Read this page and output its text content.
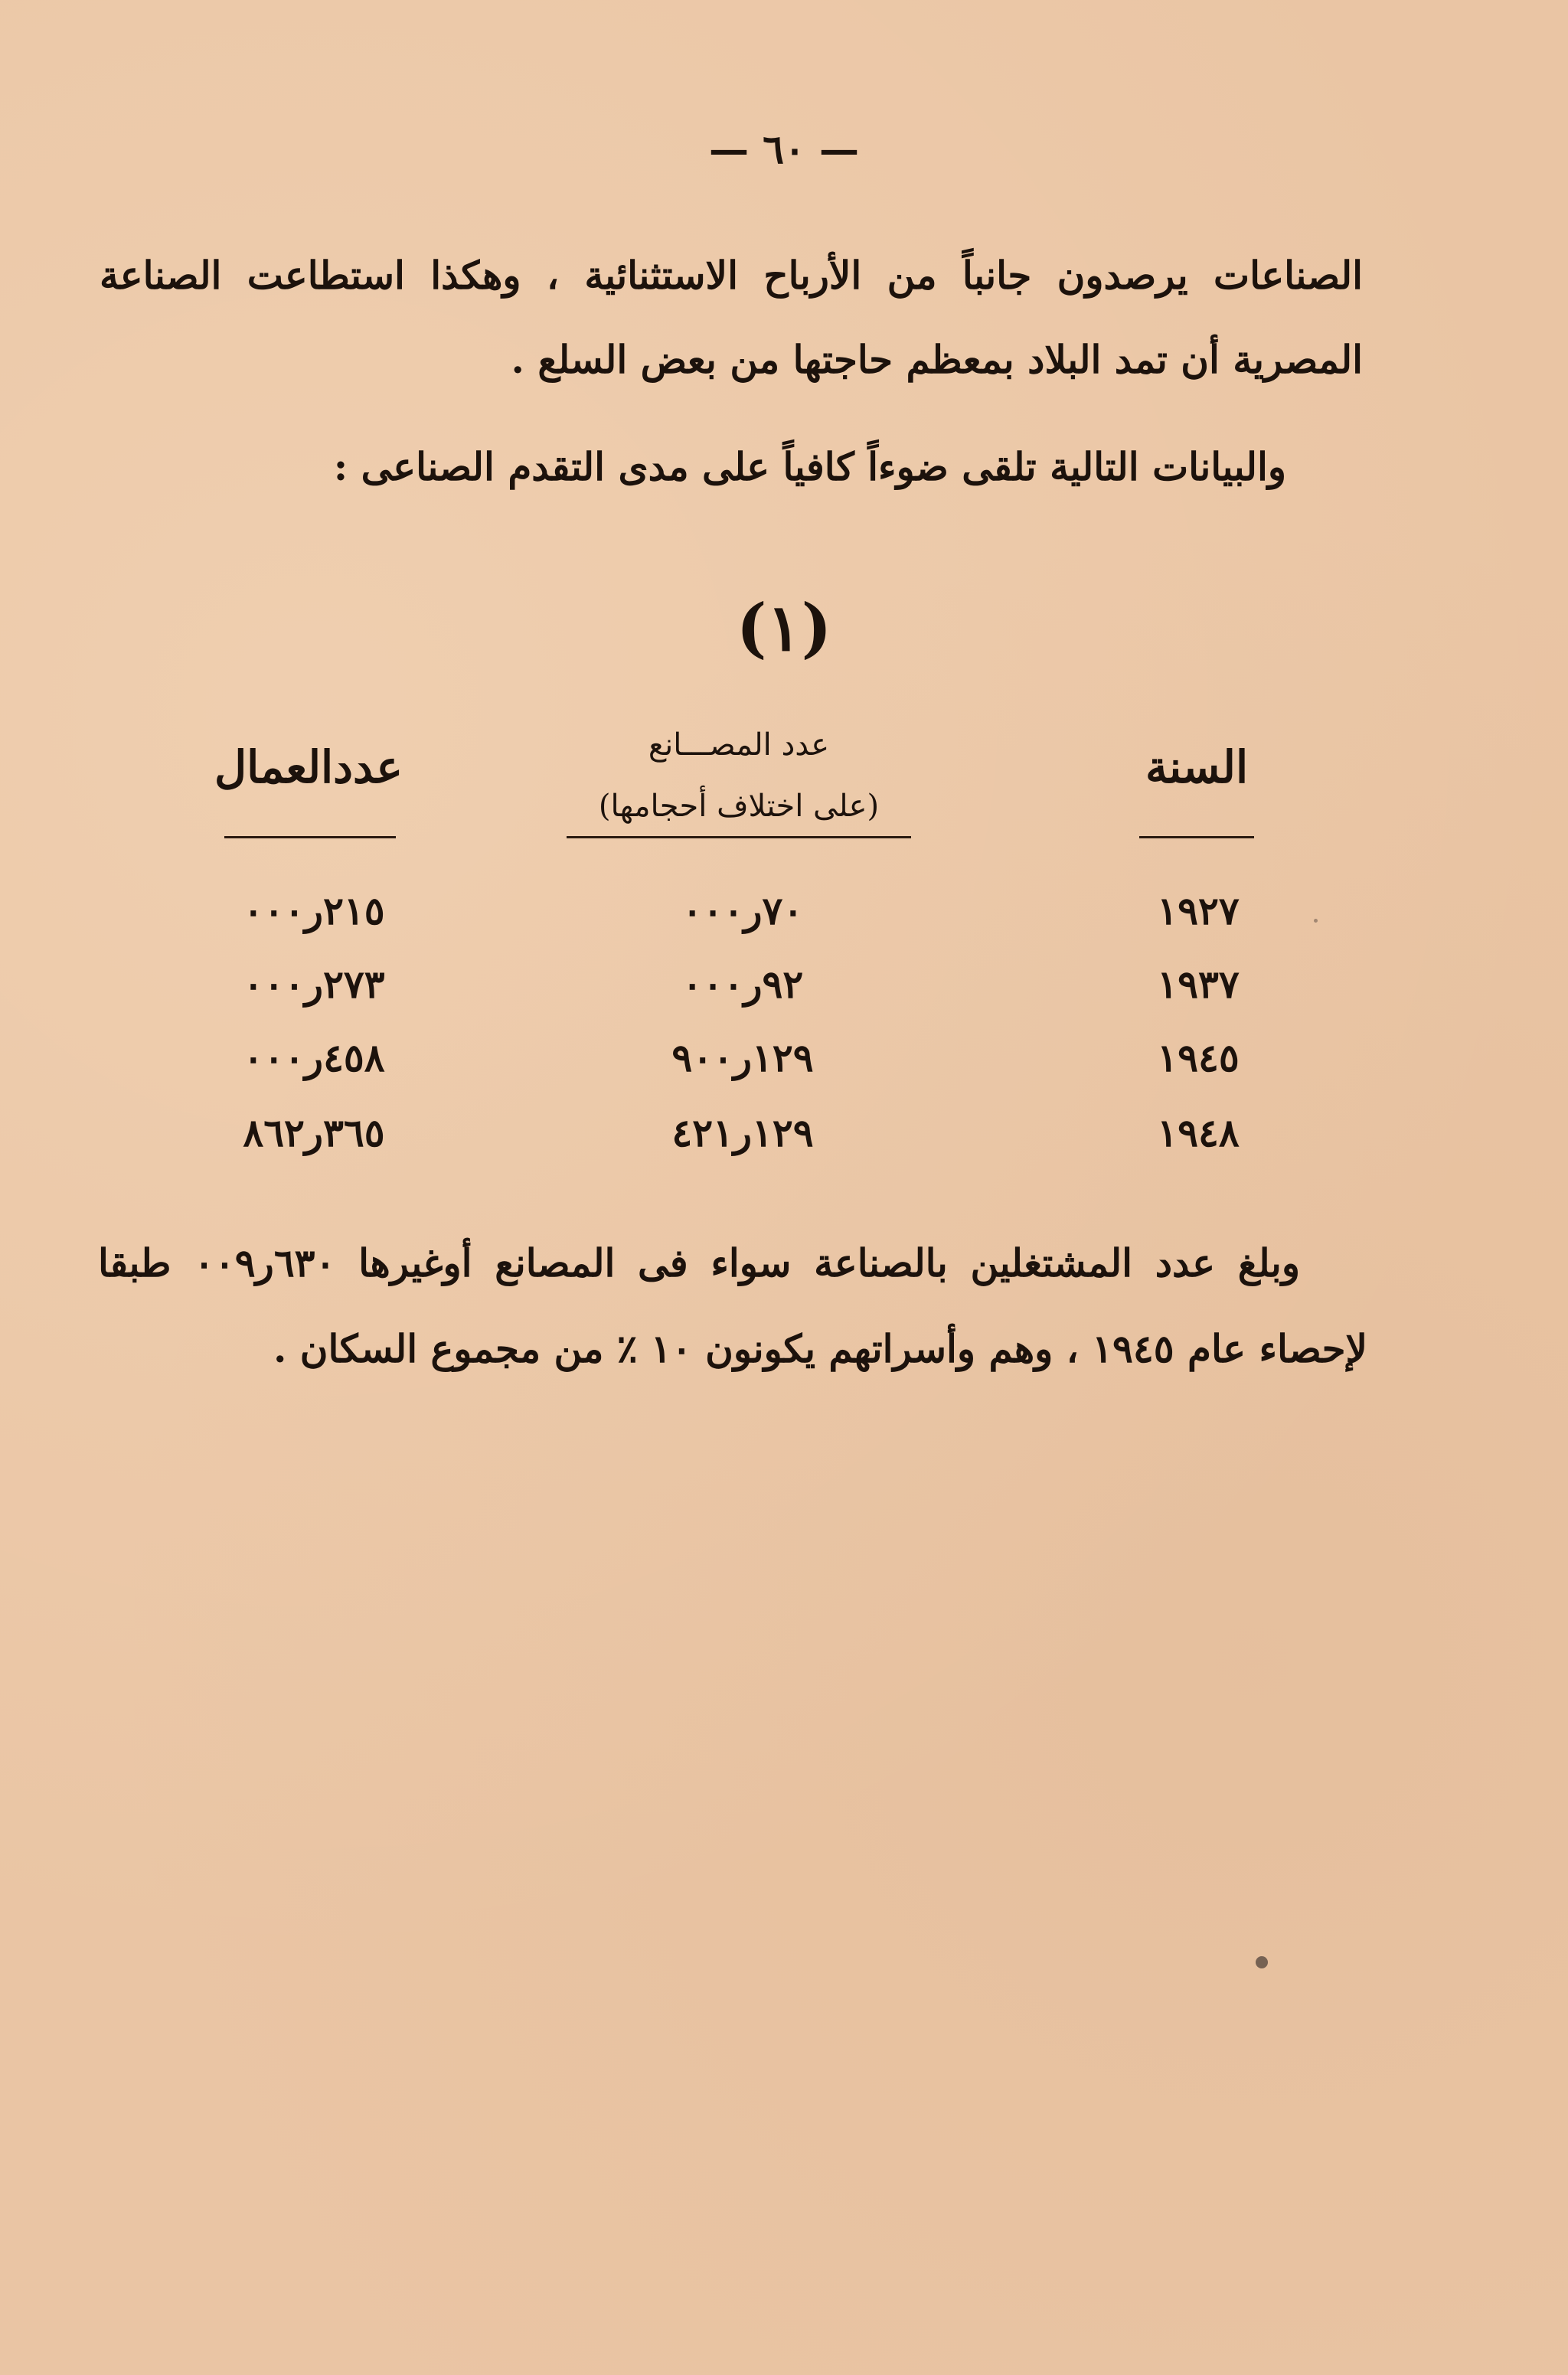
— ٦٠ —
الصناعات يرصدون جانباً من الأرباح الاستثنائية ، وهكذا استطاعت الصناعة
المصرية أن تمد البلاد بمعظم حاجتها من بعض السلع .
والبيانات التالية تلقى ضوءاً كافياً على مدى التقدم الصناعى :
(١)
السنة
عدد المصـــانع
(على اختلاف أحجامها)
عددالعمال
١٩٢٧
٧٠ر٠٠٠
٢١٥ر٠٠٠
١٩٣٧
٩٢ر٠٠٠
٢٧٣ر٠٠٠
١٩٤٥
١٢٩ر٩٠٠
٤٥٨ر٠٠٠
١٩٤٨
١٢٩ر٤٢١
٣٦٥ر٨٦٢
وبلغ عدد المشتغلين بالصناعة سواء فى المصانع أوغيرها ٦٣٠ر٠٠٩ طبقا
لإحصاء عام ١٩٤٥ ، وهم وأسراتهم يكونون ١٠ ٪ من مجموع السكان .
